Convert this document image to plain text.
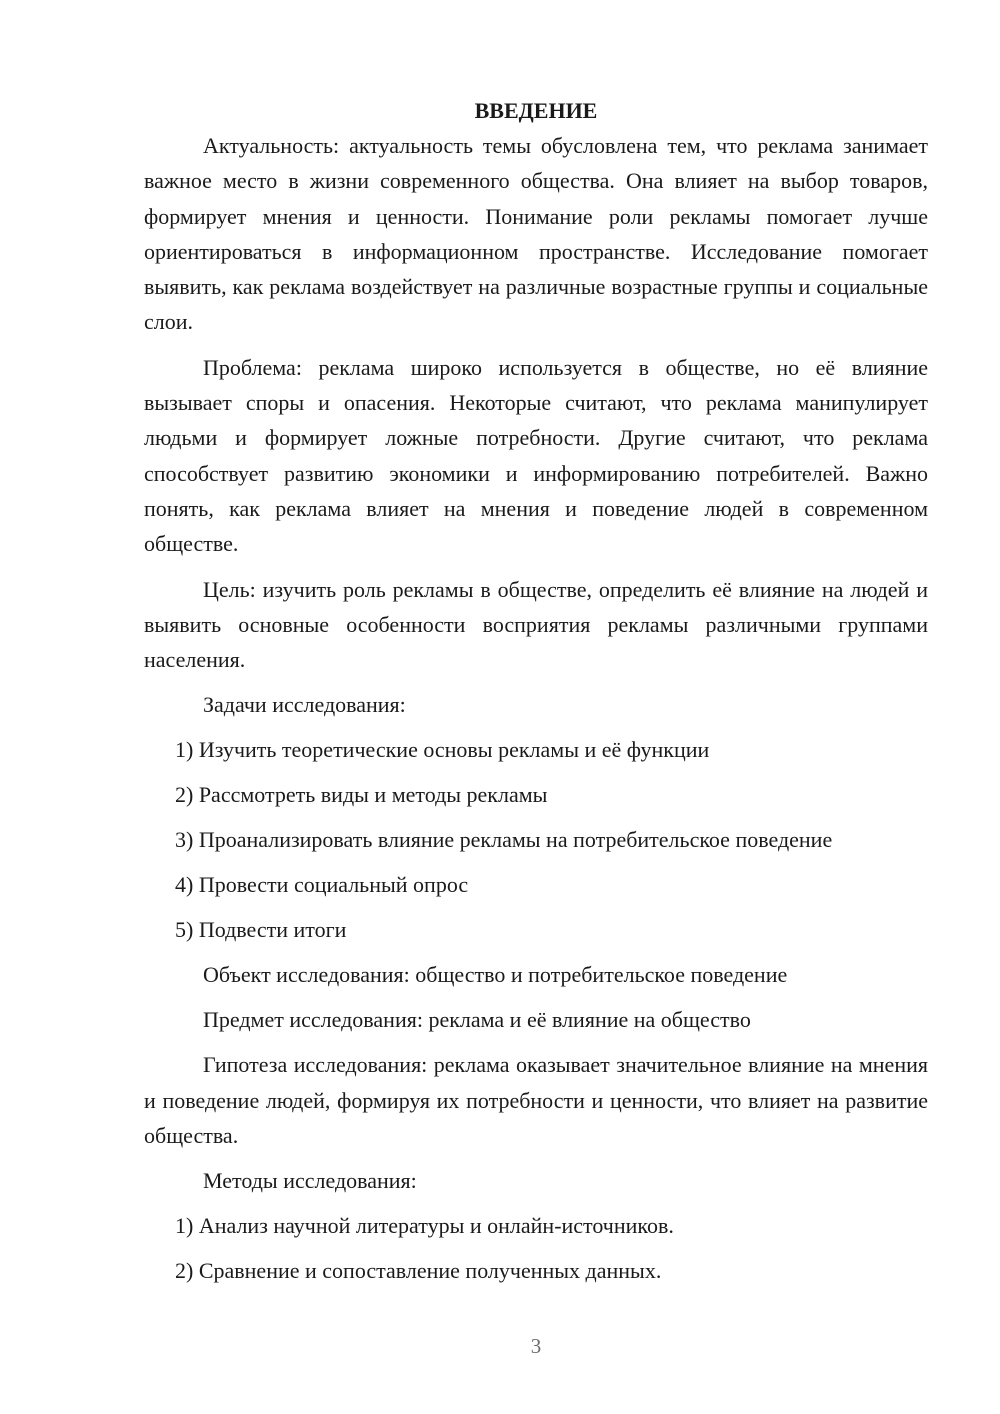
ВВЕДЕНИЕ

Актуальность: актуальность темы обусловлена тем, что реклама занимает важное место в жизни современного общества. Она влияет на выбор товаров, формирует мнения и ценности. Понимание роли рекламы помогает лучше ориентироваться в информационном пространстве. Исследование помогает выявить, как реклама воздействует на различные возрастные группы и социальные слои.

Проблема: реклама широко используется в обществе, но её влияние вызывает споры и опасения. Некоторые считают, что реклама манипулирует людьми и формирует ложные потребности. Другие считают, что реклама способствует развитию экономики и информированию потребителей. Важно понять, как реклама влияет на мнения и поведение людей в современном обществе.

Цель: изучить роль рекламы в обществе, определить её влияние на людей и выявить основные особенности восприятия рекламы различными группами населения.

Задачи исследования:
1) Изучить теоретические основы рекламы и её функции
2) Рассмотреть виды и методы рекламы
3) Проанализировать влияние рекламы на потребительское поведение
4) Провести социальный опрос
5) Подвести итоги
Объект исследования: общество и потребительское поведение
Предмет исследования: реклама и её влияние на общество

Гипотеза исследования: реклама оказывает значительное влияние на мнения и поведение людей, формируя их потребности и ценности, что влияет на развитие общества.

Методы исследования:
1) Анализ научной литературы и онлайн-источников.
2) Сравнение и сопоставление полученных данных.
3
